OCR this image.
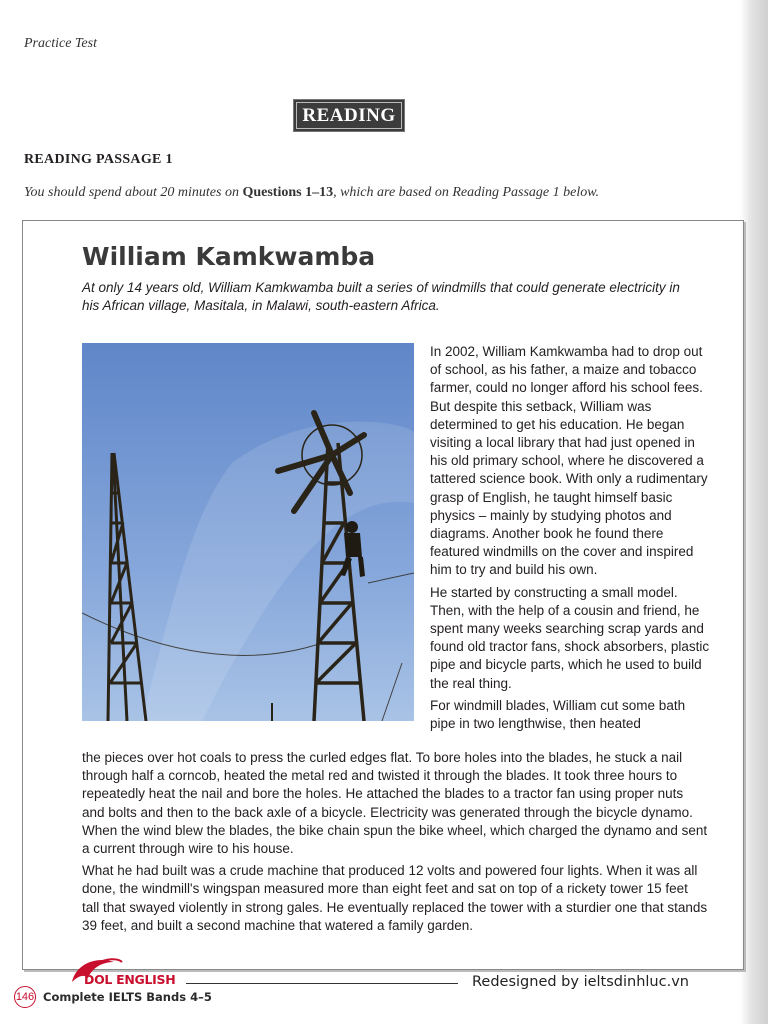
Practice Test
READING
READING PASSAGE 1
You should spend about 20 minutes on Questions 1–13, which are based on Reading Passage 1 below.
William Kamkwamba
At only 14 years old, William Kamkwamba built a series of windmills that could generate electricity in his African village, Masitala, in Malawi, south-eastern Africa.

In 2002, William Kamkwamba had to drop out of school, as his father, a maize and tobacco farmer, could no longer afford his school fees. But despite this setback, William was determined to get his education. He began visiting a local library that had just opened in his old primary school, where he discovered a tattered science book. With only a rudimentary grasp of English, he taught himself basic physics – mainly by studying photos and diagrams. Another book he found there featured windmills on the cover and inspired him to try and build his own.

He started by constructing a small model. Then, with the help of a cousin and friend, he spent many weeks searching scrap yards and found old tractor fans, shock absorbers, plastic pipe and bicycle parts, which he used to build the real thing.

For windmill blades, William cut some bath pipe in two lengthwise, then heated

the pieces over hot coals to press the curled edges flat. To bore holes into the blades, he stuck a nail through half a corncob, heated the metal red and twisted it through the blades. It took three hours to repeatedly heat the nail and bore the holes. He attached the blades to a tractor fan using proper nuts and bolts and then to the back axle of a bicycle. Electricity was generated through the bicycle dynamo. When the wind blew the blades, the bike chain spun the bike wheel, which charged the dynamo and sent a current through wire to his house.

What he had built was a crude machine that produced 12 volts and powered four lights. When it was all done, the windmill's wingspan measured more than eight feet and sat on top of a rickety tower 15 feet tall that swayed violently in strong gales. He eventually replaced the tower with a sturdier one that stands 39 feet, and built a second machine that watered a family garden.

DOL ENGLISH
146 Complete IELTS Bands 4–5
Redesigned by ieltsdinhluc.vn
